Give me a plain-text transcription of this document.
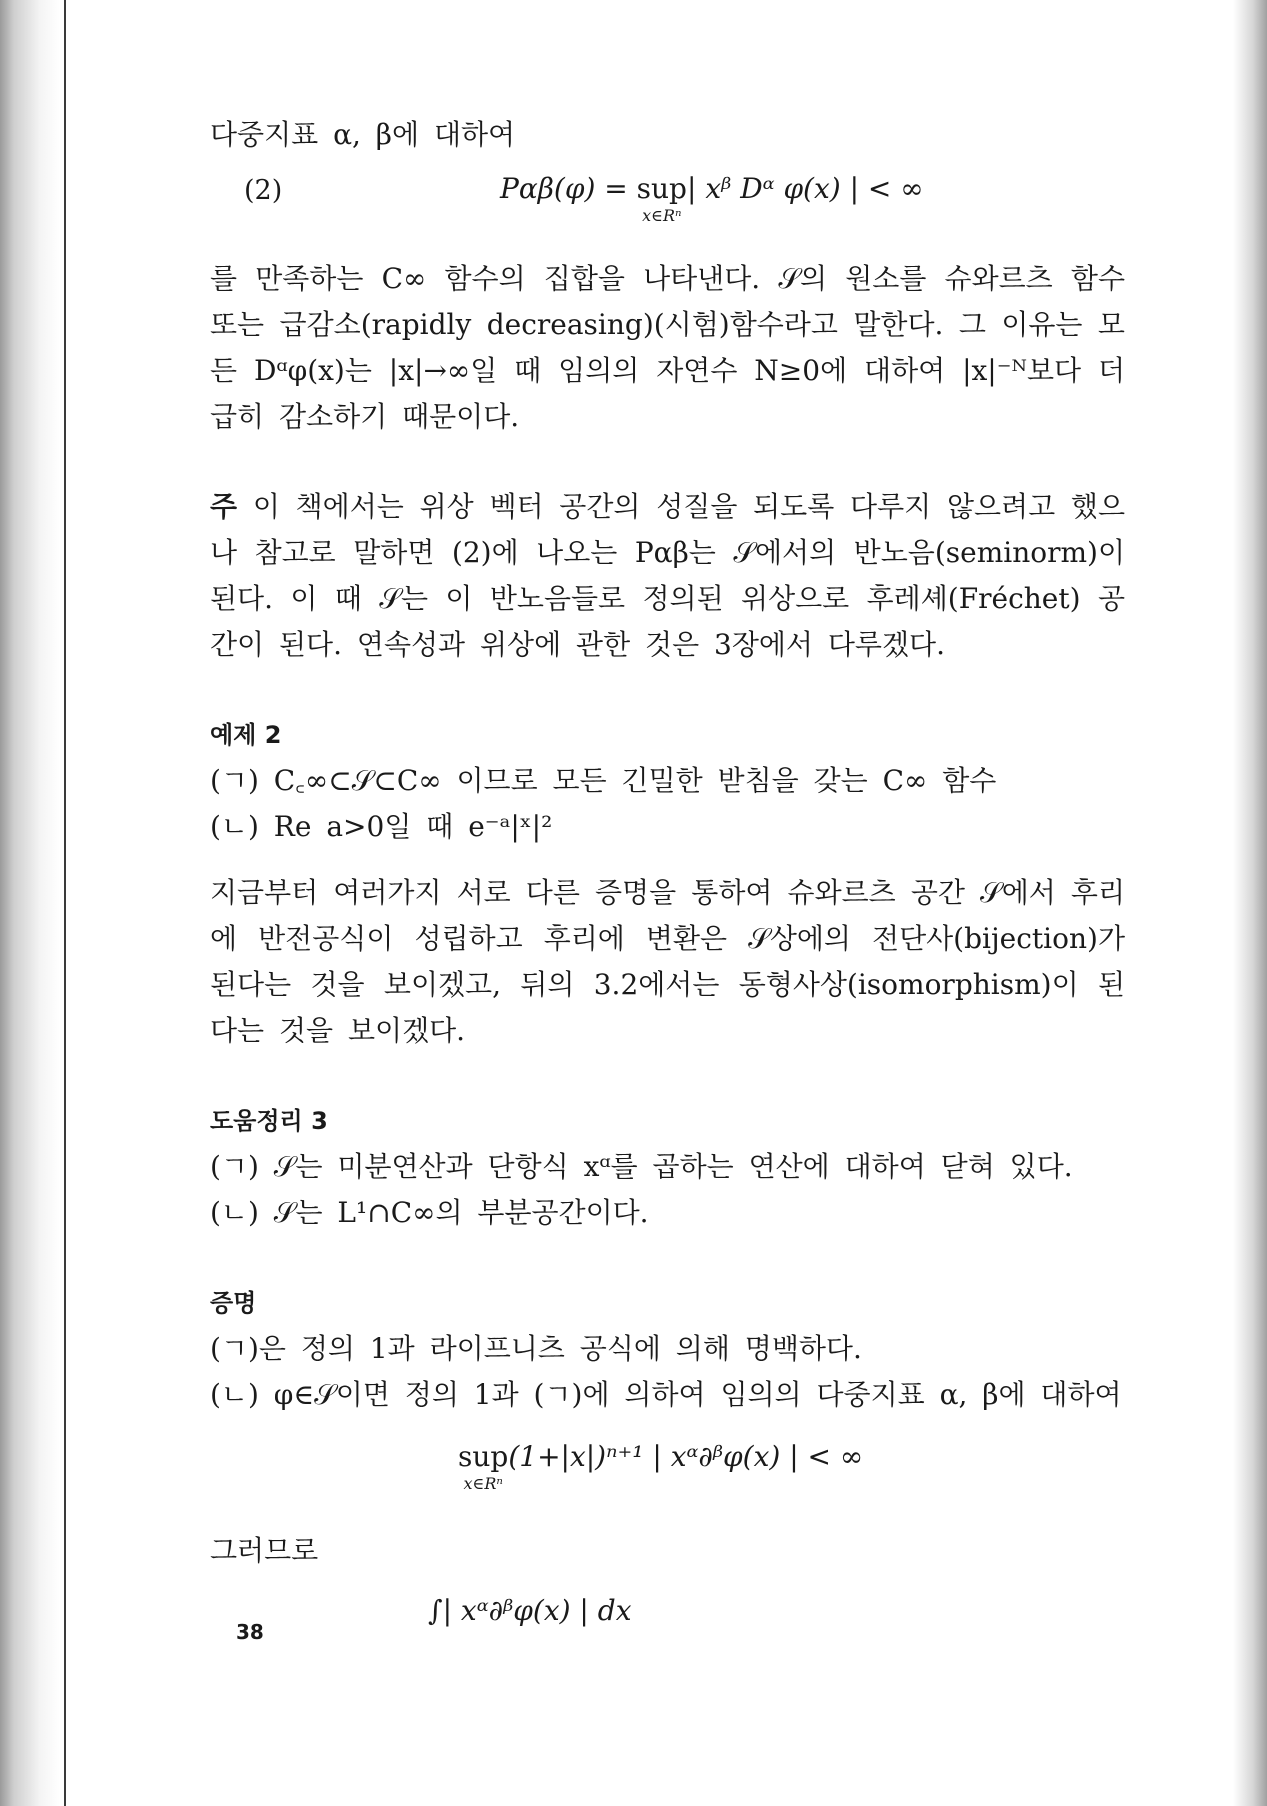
다중지표 α, β에 대하여

(2)	Pαβ(φ) = sup
x∈Rⁿ
| xᵝ Dᵅ φ(x) | < ∞

를 만족하는 C∞ 함수의 집합을 나타낸다. 𝒮의 원소를 슈와르츠 함수 또는 급감소(rapidly decreasing)(시험)함수라고 말한다. 그 이유는 모든 Dᵅφ(x)는 |x|→∞일 때 임의의 자연수 N≥0에 대하여 |x|⁻ᴺ보다 더 급히 감소하기 때문이다.

주 이 책에서는 위상 벡터 공간의 성질을 되도록 다루지 않으려고 했으나 참고로 말하면 (2)에 나오는 Pαβ는 𝒮에서의 반노음(seminorm)이 된다. 이 때 𝒮는 이 반노음들로 정의된 위상으로 후레셰(Fréchet) 공간이 된다. 연속성과 위상에 관한 것은 3장에서 다루겠다.

예제 2

(ㄱ) C꜀∞⊂𝒮⊂C∞ 이므로 모든 긴밀한 받침을 갖는 C∞ 함수

(ㄴ) Re a>0일 때 e⁻ᵃ|ˣ|²

지금부터 여러가지 서로 다른 증명을 통하여 슈와르츠 공간 𝒮에서 후리에 반전공식이 성립하고 후리에 변환은 𝒮상에의 전단사(bijection)가 된다는 것을 보이겠고, 뒤의 3.2에서는 동형사상(isomorphism)이 된다는 것을 보이겠다.

도움정리 3

(ㄱ) 𝒮는 미분연산과 단항식 xᵅ를 곱하는 연산에 대하여 닫혀 있다.

(ㄴ) 𝒮는 L¹∩C∞의 부분공간이다.

증명

(ㄱ)은 정의 1과 라이프니츠 공식에 의해 명백하다.

(ㄴ) φ∈𝒮이면 정의 1과 (ㄱ)에 의하여 임의의 다중지표 α, β에 대하여

sup
x∈Rⁿ
(1+|x|)ⁿ⁺¹ | xᵅ∂ᵝφ(x) | < ∞

그러므로

∫| xᵅ∂ᵝφ(x) | dx
38
